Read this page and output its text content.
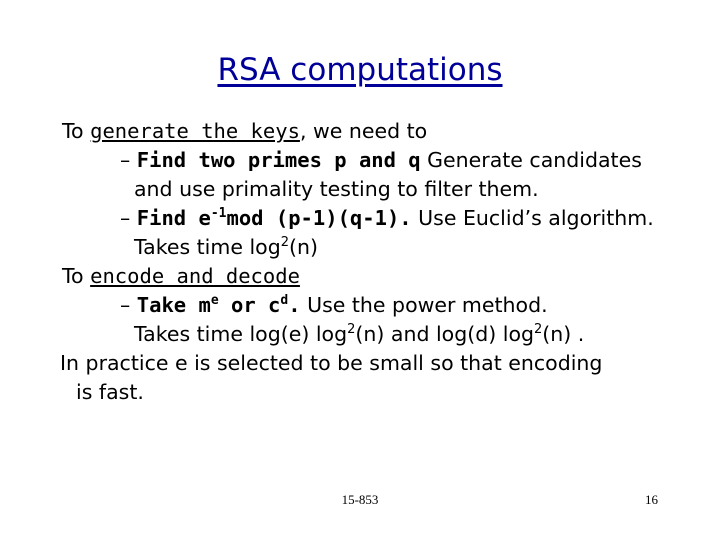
RSA computations
To generate the keys, we need to
– Find two primes p and q Generate candidates
and use primality testing to filter them.
– Find $e^{-1}mod$ (p-1)(q-1). Use Euclid’s algorithm.
Takes time $\log^2(n)$
To encode and decode
– Take $m^e$ or $c^d$. Use the power method.
Takes time log(e) $\log^2(n)$ and log(d) $\log^2(n)$ .
In practice e is selected to be small so that encoding
is fast.
15-853	16
